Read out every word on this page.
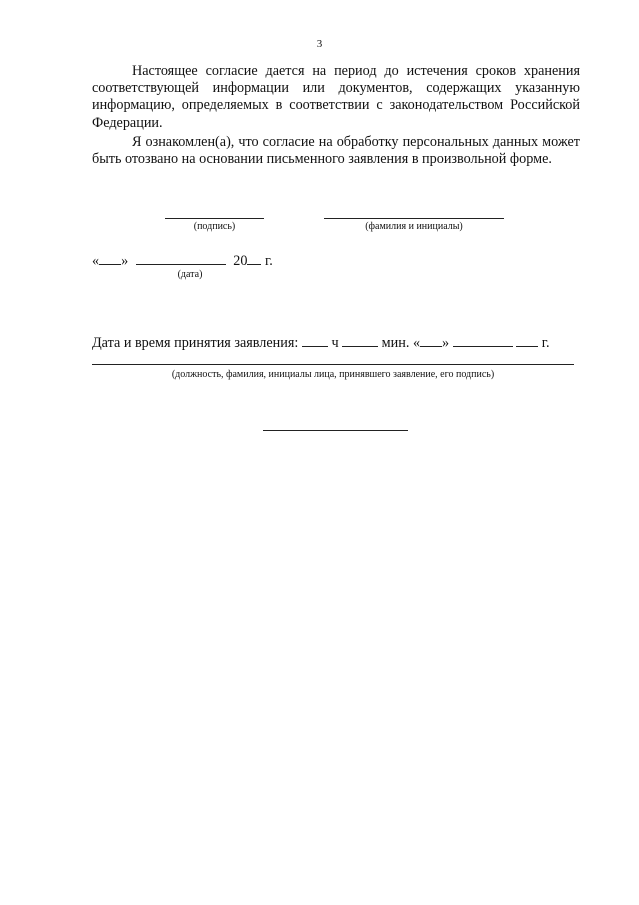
3

Настоящее согласие дается на период до истечения сроков хранения соответствующей информации или документов, содержащих указанную информацию, определяемых в соответствии с законодательством Российской Федерации.

Я ознакомлен(а), что согласие на обработку персональных данных может быть отозвано на основании письменного заявления в произвольной форме.

(подпись)	(фамилия и инициалы)
« »	20 г.
(дата)
Дата и время принятия заявления: ч	мин. « »	г.
(должность, фамилия, инициалы лица, принявшего заявление, его подпись)
